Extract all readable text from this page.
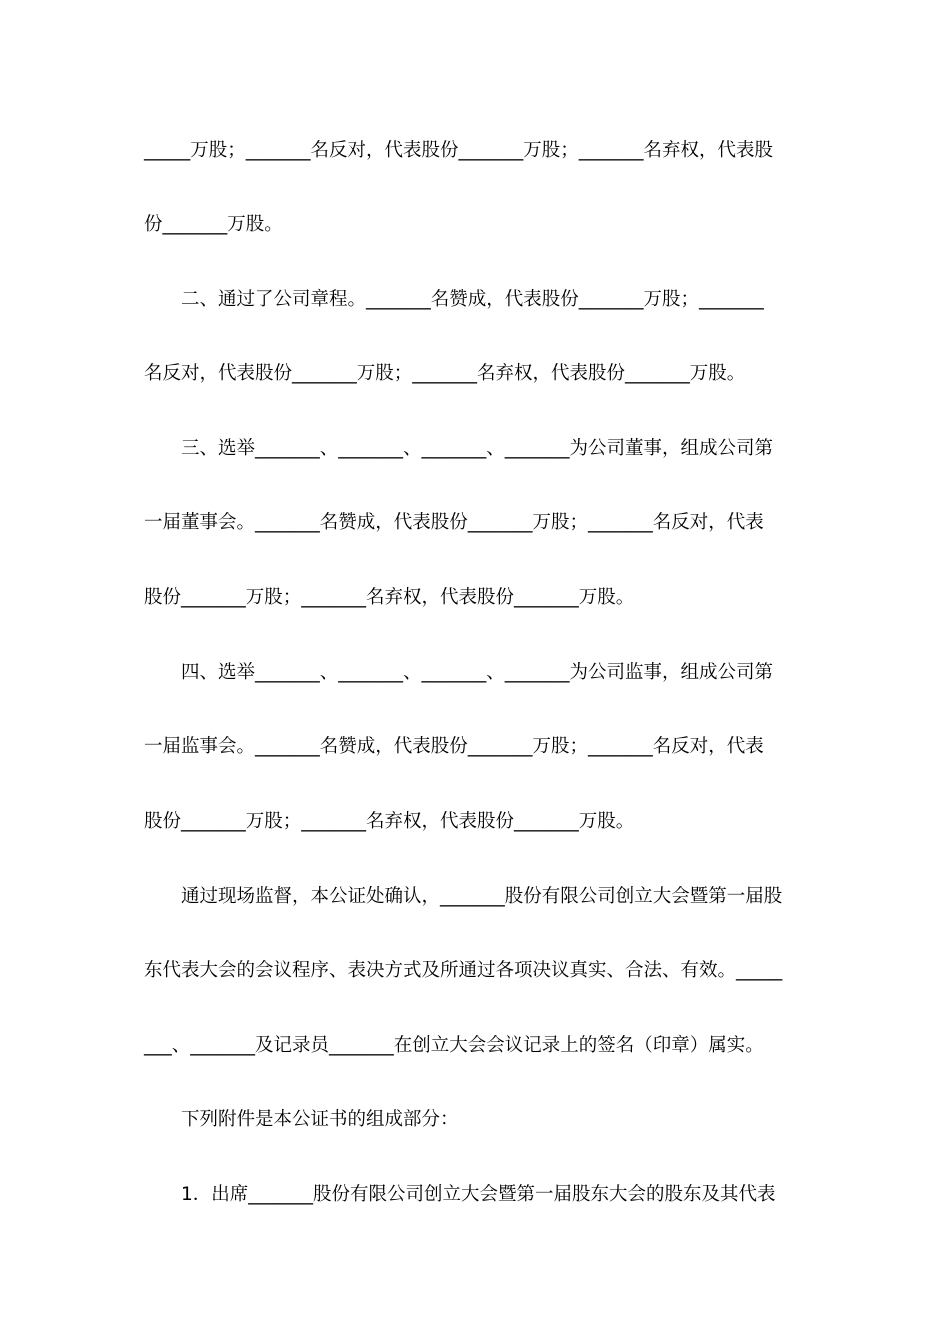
_____万股；_______名反对，代表股份_______万股；_______名弃权，代表股
份_______万股。
二、通过了公司章程。_______名赞成，代表股份_______万股；_______
名反对，代表股份_______万股；_______名弃权，代表股份_______万股。
三、选举_______、_______、_______、_______为公司董事，组成公司第
一届董事会。_______名赞成，代表股份_______万股；_______名反对，代表
股份_______万股；_______名弃权，代表股份_______万股。
四、选举_______、_______、_______、_______为公司监事，组成公司第
一届监事会。_______名赞成，代表股份_______万股；_______名反对，代表
股份_______万股；_______名弃权，代表股份_______万股。
通过现场监督，本公证处确认，_______股份有限公司创立大会暨第一届股
东代表大会的会议程序、表决方式及所通过各项决议真实、合法、有效。_____
___、_______及记录员_______在创立大会会议记录上的签名（印章）属实。
下列附件是本公证书的组成部分：
1．出席_______股份有限公司创立大会暨第一届股东大会的股东及其代表
